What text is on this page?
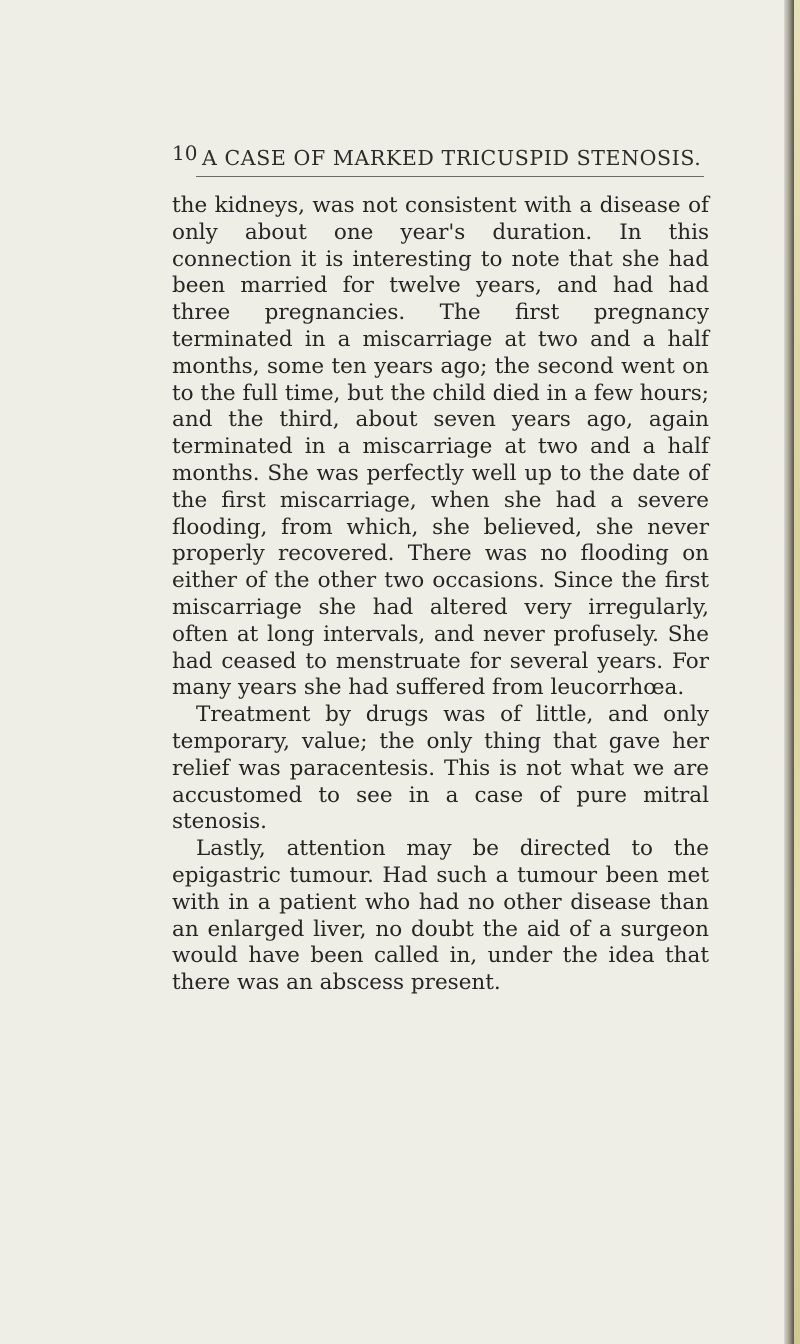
10 A CASE OF MARKED TRICUSPID STENOSIS.

the kidneys, was not consistent with a disease of only about one year's duration. In this connection it is interesting to note that she had been married for twelve years, and had had three pregnancies. The first pregnancy terminated in a miscarriage at two and a half months, some ten years ago; the second went on to the full time, but the child died in a few hours; and the third, about seven years ago, again terminated in a miscarriage at two and a half months. She was perfectly well up to the date of the first miscarriage, when she had a severe flooding, from which, she believed, she never properly recovered. There was no flooding on either of the other two occasions. Since the first miscarriage she had altered very irregularly, often at long intervals, and never profusely. She had ceased to menstruate for several years. For many years she had suffered from leucorrhœa.

Treatment by drugs was of little, and only temporary, value; the only thing that gave her relief was paracentesis. This is not what we are accustomed to see in a case of pure mitral stenosis.

Lastly, attention may be directed to the epigastric tumour. Had such a tumour been met with in a patient who had no other disease than an enlarged liver, no doubt the aid of a surgeon would have been called in, under the idea that there was an abscess present.
